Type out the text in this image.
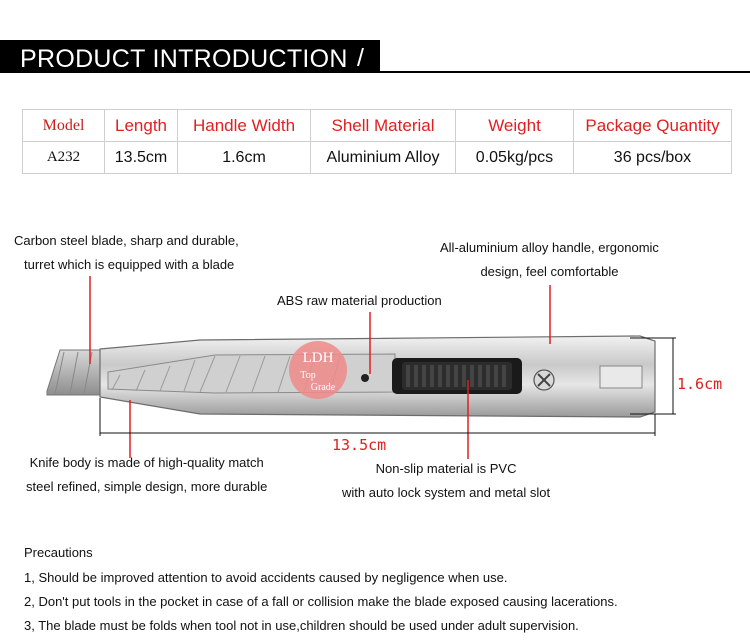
PRODUCT INTRODUCTION /
Model	Length	Handle Width	Shell Material	Weight	Package Quantity
A232	13.5cm	1.6cm	Aluminium Alloy	0.05kg/pcs	36 pcs/box
LDH
Top
Grade
Carbon steel blade, sharp and durable,
turret which is equipped with a blade
All-aluminium alloy handle, ergonomic
design, feel comfortable
ABS raw material production
1.6cm
13.5cm
Knife body is made of high-quality match
steel refined, simple design, more durable
Non-slip material is PVC
with auto lock system and metal slot
Precautions
1, Should be improved attention to avoid accidents caused by negligence when use.
2, Don't put tools in the pocket in case of a fall or collision make the blade exposed causing lacerations.
3, The blade must be folds when tool not in use,children should be used under adult supervision.
